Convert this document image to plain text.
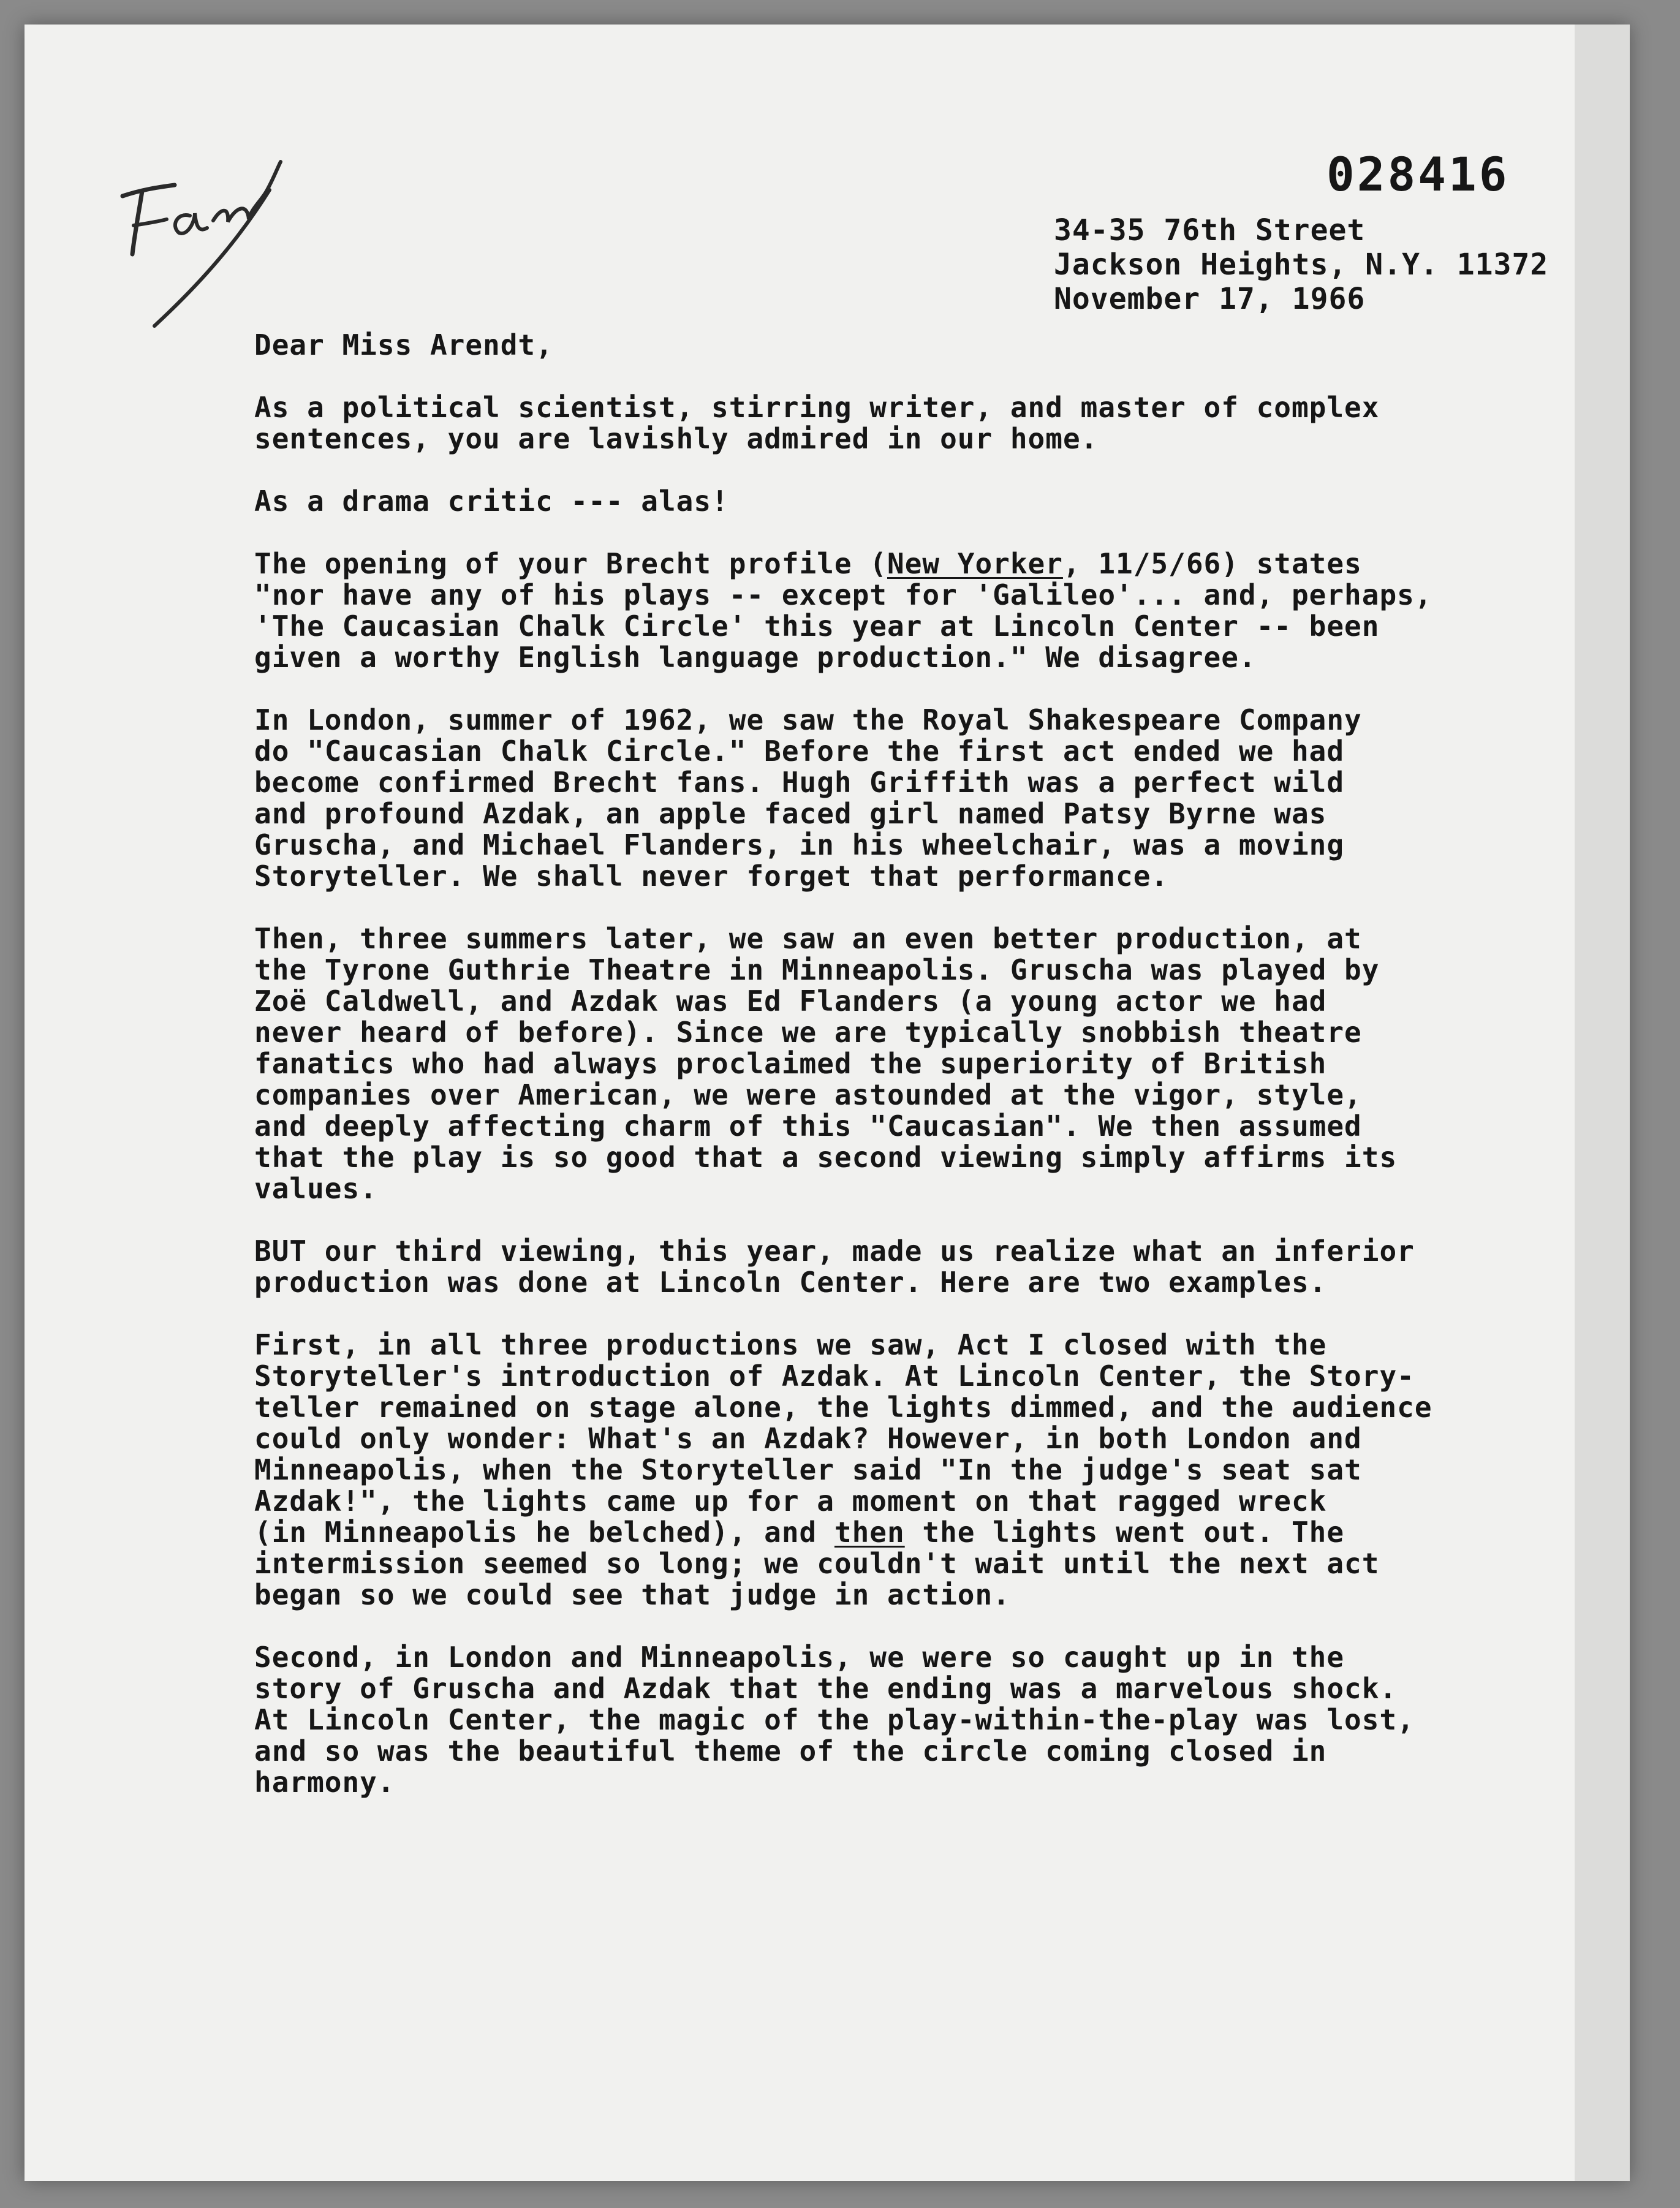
028416
34-35 76th Street
Jackson Heights, N.Y. 11372
November 17, 1966

Dear Miss Arendt,

As a political scientist, stirring writer, and master of complex

sentences, you are lavishly admired in our home.

As a drama critic --- alas!

The opening of your Brecht profile (New Yorker, 11/5/66) states

"nor have any of his plays -- except for 'Galileo'... and, perhaps,

'The Caucasian Chalk Circle' this year at Lincoln Center -- been

given a worthy English language production." We disagree.

In London, summer of 1962, we saw the Royal Shakespeare Company

do "Caucasian Chalk Circle." Before the first act ended we had

become confirmed Brecht fans. Hugh Griffith was a perfect wild

and profound Azdak, an apple faced girl named Patsy Byrne was

Gruscha, and Michael Flanders, in his wheelchair, was a moving

Storyteller. We shall never forget that performance.

Then, three summers later, we saw an even better production, at

the Tyrone Guthrie Theatre in Minneapolis. Gruscha was played by

Zoë Caldwell, and Azdak was Ed Flanders (a young actor we had

never heard of before). Since we are typically snobbish theatre

fanatics who had always proclaimed the superiority of British

companies over American, we were astounded at the vigor, style,

and deeply affecting charm of this "Caucasian". We then assumed

that the play is so good that a second viewing simply affirms its

values.

BUT our third viewing, this year, made us realize what an inferior

production was done at Lincoln Center. Here are two examples.

First, in all three productions we saw, Act I closed with the

Storyteller's introduction of Azdak. At Lincoln Center, the Story-

teller remained on stage alone, the lights dimmed, and the audience

could only wonder: What's an Azdak? However, in both London and

Minneapolis, when the Storyteller said "In the judge's seat sat

Azdak!", the lights came up for a moment on that ragged wreck

(in Minneapolis he belched), and then the lights went out. The

intermission seemed so long; we couldn't wait until the next act

began so we could see that judge in action.

Second, in London and Minneapolis, we were so caught up in the

story of Gruscha and Azdak that the ending was a marvelous shock.

At Lincoln Center, the magic of the play-within-the-play was lost,

and so was the beautiful theme of the circle coming closed in

harmony.
